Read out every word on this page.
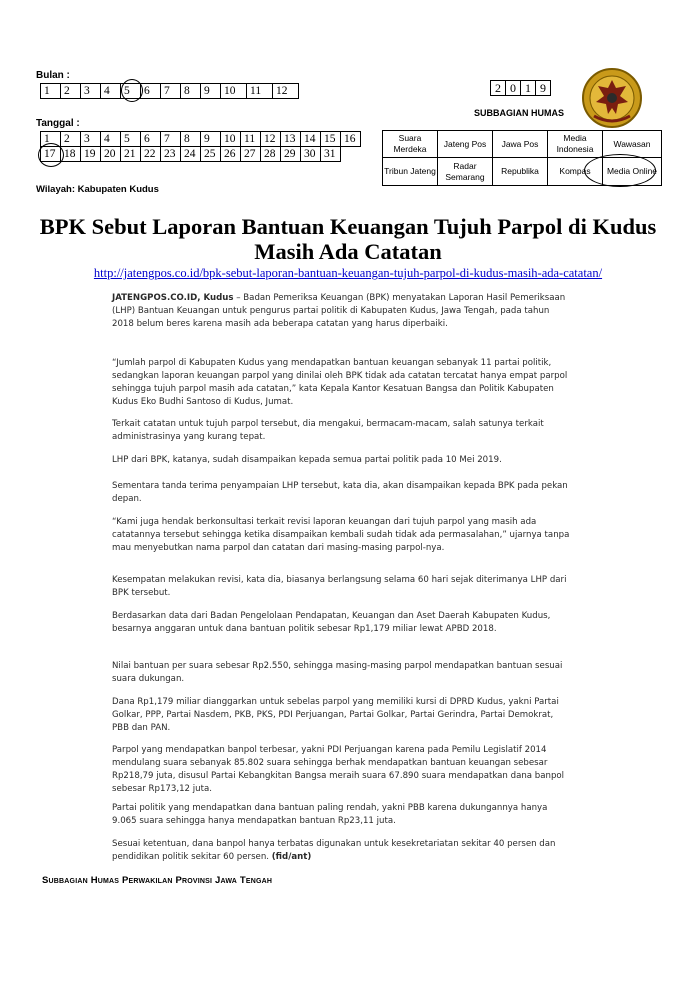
Bulan :
1	2	3	4	5	6	7	8	9	10	11	12
Tanggal :
1	2	3	4	5	6	7	8	9	10	11	12	13	14	15	16
17	18	19	20	21	22	23	24	25	26	27	28	29	30	31	
Wilayah: Kabupaten Kudus
2	0	1	9
SUBBAGIAN HUMAS
Suara Merdeka	Jateng Pos	Jawa Pos	Media Indonesia	Wawasan
Tribun Jateng	Radar Semarang	Republika	Kompas	Media Online
BPK Sebut Laporan Bantuan Keuangan Tujuh Parpol di Kudus Masih Ada Catatan
http://jatengpos.co.id/bpk-sebut-laporan-bantuan-keuangan-tujuh-parpol-di-kudus-masih-ada-catatan/

JATENGPOS.CO.ID, Kudus – Badan Pemeriksa Keuangan (BPK) menyatakan Laporan Hasil Pemeriksaan (LHP) Bantuan Keuangan untuk pengurus partai politik di Kabupaten Kudus, Jawa Tengah, pada tahun 2018 belum beres karena masih ada beberapa catatan yang harus diperbaiki.

“Jumlah parpol di Kabupaten Kudus yang mendapatkan bantuan keuangan sebanyak 11 partai politik, sedangkan laporan keuangan parpol yang dinilai oleh BPK tidak ada catatan tercatat hanya empat parpol sehingga tujuh parpol masih ada catatan,” kata Kepala Kantor Kesatuan Bangsa dan Politik Kabupaten Kudus Eko Budhi Santoso di Kudus, Jumat.

Terkait catatan untuk tujuh parpol tersebut, dia mengakui, bermacam-macam, salah satunya terkait administrasinya yang kurang tepat.

LHP dari BPK, katanya, sudah disampaikan kepada semua partai politik pada 10 Mei 2019.

Sementara tanda terima penyampaian LHP tersebut, kata dia, akan disampaikan kepada BPK pada pekan depan.

“Kami juga hendak berkonsultasi terkait revisi laporan keuangan dari tujuh parpol yang masih ada catatannya tersebut sehingga ketika disampaikan kembali sudah tidak ada permasalahan,” ujarnya tanpa mau menyebutkan nama parpol dan catatan dari masing-masing parpol-nya.

Kesempatan melakukan revisi, kata dia, biasanya berlangsung selama 60 hari sejak diterimanya LHP dari BPK tersebut.

Berdasarkan data dari Badan Pengelolaan Pendapatan, Keuangan dan Aset Daerah Kabupaten Kudus, besarnya anggaran untuk dana bantuan politik sebesar Rp1,179 miliar lewat APBD 2018.

Nilai bantuan per suara sebesar Rp2.550, sehingga masing-masing parpol mendapatkan bantuan sesuai suara dukungan.

Dana Rp1,179 miliar dianggarkan untuk sebelas parpol yang memiliki kursi di DPRD Kudus, yakni Partai Golkar, PPP, Partai Nasdem, PKB, PKS, PDI Perjuangan, Partai Golkar, Partai Gerindra, Partai Demokrat, PBB dan PAN.

Parpol yang mendapatkan banpol terbesar, yakni PDI Perjuangan karena pada Pemilu Legislatif 2014 mendulang suara sebanyak 85.802 suara sehingga berhak mendapatkan bantuan keuangan sebesar Rp218,79 juta, disusul Partai Kebangkitan Bangsa meraih suara 67.890 suara mendapatkan dana banpol sebesar Rp173,12 juta.

Partai politik yang mendapatkan dana bantuan paling rendah, yakni PBB karena dukungannya hanya 9.065 suara sehingga hanya mendapatkan bantuan Rp23,11 juta.

Sesuai ketentuan, dana banpol hanya terbatas digunakan untuk kesekretariatan sekitar 40 persen dan pendidikan politik sekitar 60 persen. (fid/ant)

Subbagian Humas Perwakilan Provinsi Jawa Tengah
